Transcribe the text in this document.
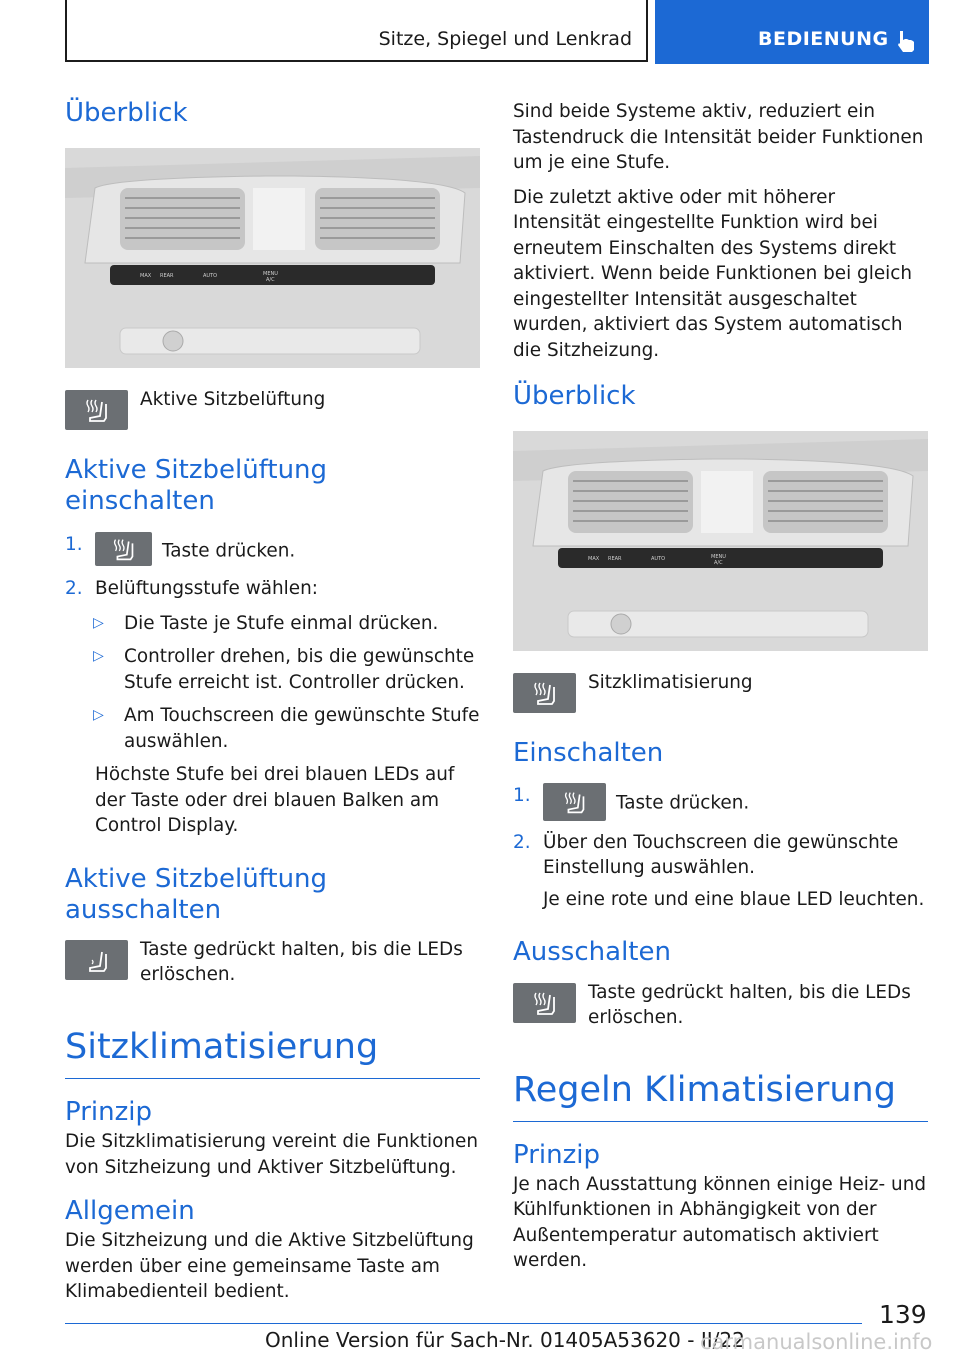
Sitze, Spiegel und Lenkrad	BEDIENUNG
Überblick
MAX REAR	AUTO	MENU
A/C

Aktive Sitzbelüftung

Aktive Sitzbelüftung einschalten
1.	Taste drücken.
2. Belüftungsstufe wählen:
▷ Die Taste je Stufe einmal drücken.
▷ Controller drehen, bis die gewünschte Stufe erreicht ist. Controller drücken.
▷ Am Touchscreen die gewünschte Stufe auswählen.

Höchste Stufe bei drei blauen LEDs auf der Taste oder drei blauen Balken am Control Display.

Aktive Sitzbelüftung ausschalten

Taste gedrückt halten, bis die LEDs erlöschen.

Sitzklimatisierung
Prinzip

Die Sitzklimatisierung vereint die Funktionen von Sitzheizung und Aktiver Sitzbelüftung.

Allgemein

Die Sitzheizung und die Aktive Sitzbelüftung werden über eine gemeinsame Taste am Klimabedienteil bedient.

Sind beide Systeme aktiv, reduziert ein Tastendruck die Intensität beider Funktionen um je eine Stufe.

Die zuletzt aktive oder mit höherer Intensität eingestellte Funktion wird bei erneutem Einschalten des Systems direkt aktiviert. Wenn beide Funktionen bei gleich eingestellter Intensität ausgeschaltet wurden, aktiviert das System automatisch die Sitzheizung.

Überblick
MAX REAR	AUTO	MENU
A/C

Sitzklimatisierung

Einschalten
1.	Taste drücken.
2. Über den Touchscreen die gewünschte Einstellung auswählen.

Je eine rote und eine blaue LED leuchten.

Ausschalten

Taste gedrückt halten, bis die LEDs erlöschen.

Regeln Klimatisierung
Prinzip

Je nach Ausstattung können einige Heiz- und Kühlfunktionen in Abhängigkeit von der Außentemperatur automatisch aktiviert werden.

139
Online Version für Sach-Nr. 01405A53620 - II/22
carmanualsonline.info
